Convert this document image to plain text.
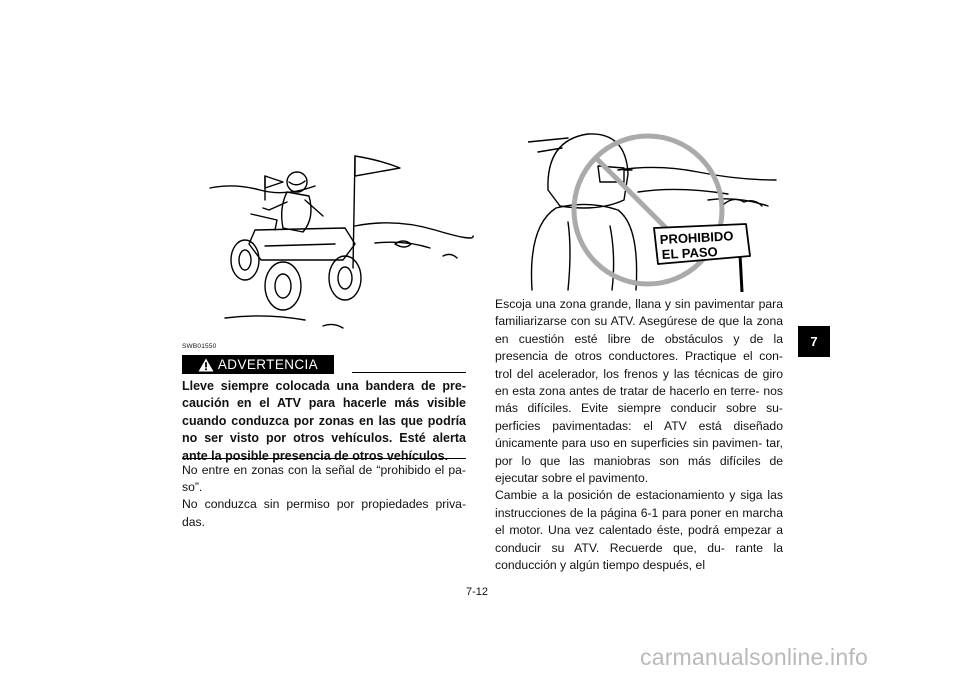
SWB01550
ADVERTENCIA
Lleve siempre colocada una bandera de pre- caución en el ATV para hacerle más visible cuando conduzca por zonas en las que podría no ser visto por otros vehículos. Esté alerta ante la posible presencia de otros vehículos.

No entre en zonas con la señal de “prohibido el pa- so”.

No conduzca sin permiso por propiedades priva- das.

PROHIBIDO
EL PASO

Escoja una zona grande, llana y sin pavimentar para familiarizarse con su ATV. Asegúrese de que la zona en cuestión esté libre de obstáculos y de la presencia de otros conductores. Practique el con- trol del acelerador, los frenos y las técnicas de giro en esta zona antes de tratar de hacerlo en terre- nos más difíciles. Evite siempre conducir sobre su- perficies pavimentadas: el ATV está diseñado únicamente para uso en superficies sin pavimen- tar, por lo que las maniobras son más difíciles de ejecutar sobre el pavimento.

Cambie a la posición de estacionamiento y siga las instrucciones de la página 6-1 para poner en marcha el motor. Una vez calentado éste, podrá empezar a conducir su ATV. Recuerde que, du- rante la conducción y algún tiempo después, el

7-12
7
carmanualsonline.info
